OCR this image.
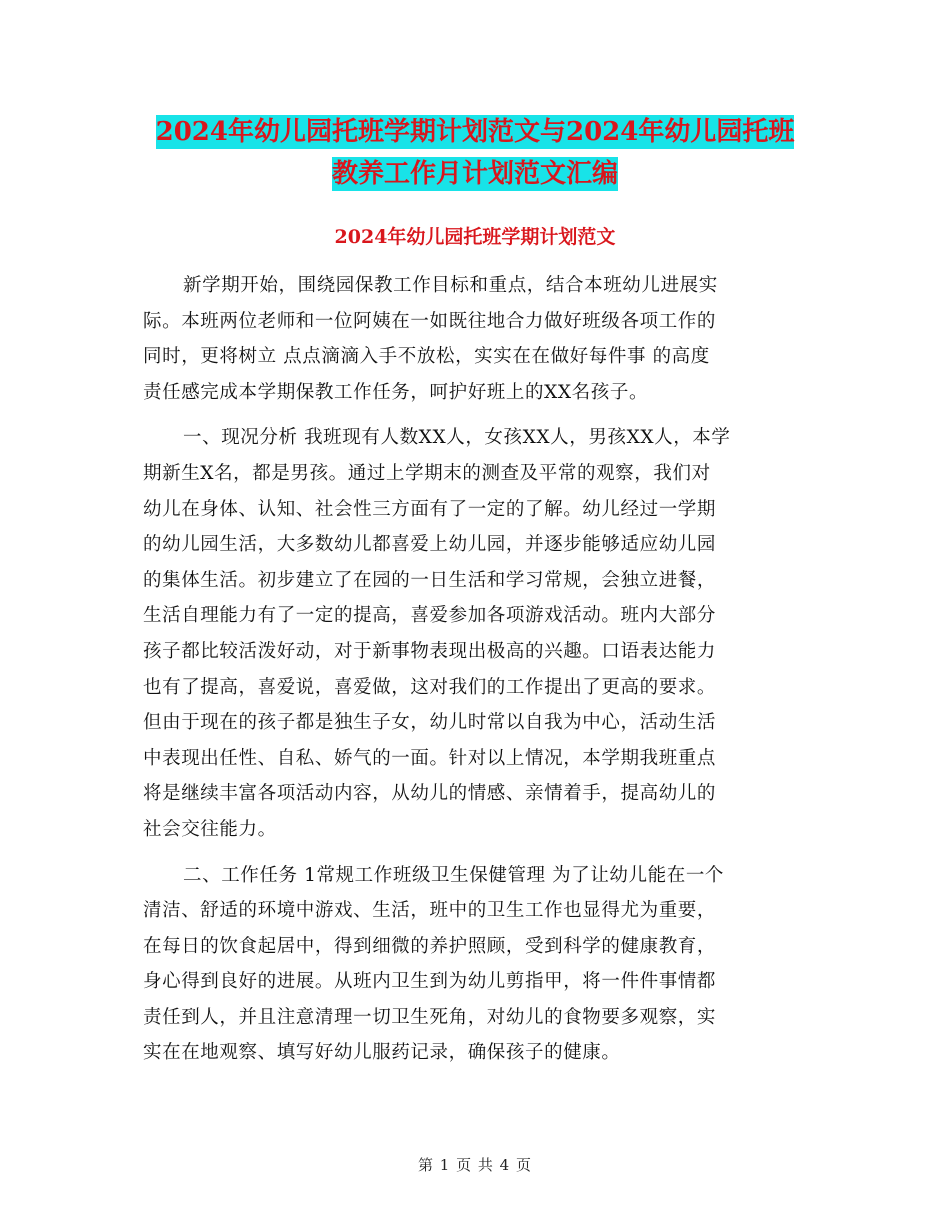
2024年幼儿园托班学期计划范文与2024年幼儿园托班
教养工作月计划范文汇编
2024年幼儿园托班学期计划范文
新学期开始，围绕园保教工作目标和重点，结合本班幼儿进展实
际。本班两位老师和一位阿姨在一如既往地合力做好班级各项工作的
同时，更将树立 点点滴滴入手不放松，实实在在做好每件事 的高度
责任感完成本学期保教工作任务，呵护好班上的XX名孩子。
一、现况分析 我班现有人数XX人，女孩XX人，男孩XX人，本学
期新生X名，都是男孩。通过上学期末的测查及平常的观察，我们对
幼儿在身体、认知、社会性三方面有了一定的了解。幼儿经过一学期
的幼儿园生活，大多数幼儿都喜爱上幼儿园，并逐步能够适应幼儿园
的集体生活。初步建立了在园的一日生活和学习常规，会独立进餐，
生活自理能力有了一定的提高，喜爱参加各项游戏活动。班内大部分
孩子都比较活泼好动，对于新事物表现出极高的兴趣。口语表达能力
也有了提高，喜爱说，喜爱做，这对我们的工作提出了更高的要求。
但由于现在的孩子都是独生子女，幼儿时常以自我为中心，活动生活
中表现出任性、自私、娇气的一面。针对以上情况，本学期我班重点
将是继续丰富各项活动内容，从幼儿的情感、亲情着手，提高幼儿的
社会交往能力。
二、工作任务 1常规工作班级卫生保健管理 为了让幼儿能在一个
清洁、舒适的环境中游戏、生活，班中的卫生工作也显得尤为重要，
在每日的饮食起居中，得到细微的养护照顾，受到科学的健康教育，
身心得到良好的进展。从班内卫生到为幼儿剪指甲，将一件件事情都
责任到人，并且注意清理一切卫生死角，对幼儿的食物要多观察，实
实在在地观察、填写好幼儿服药记录，确保孩子的健康。
第 1 页 共 4 页
